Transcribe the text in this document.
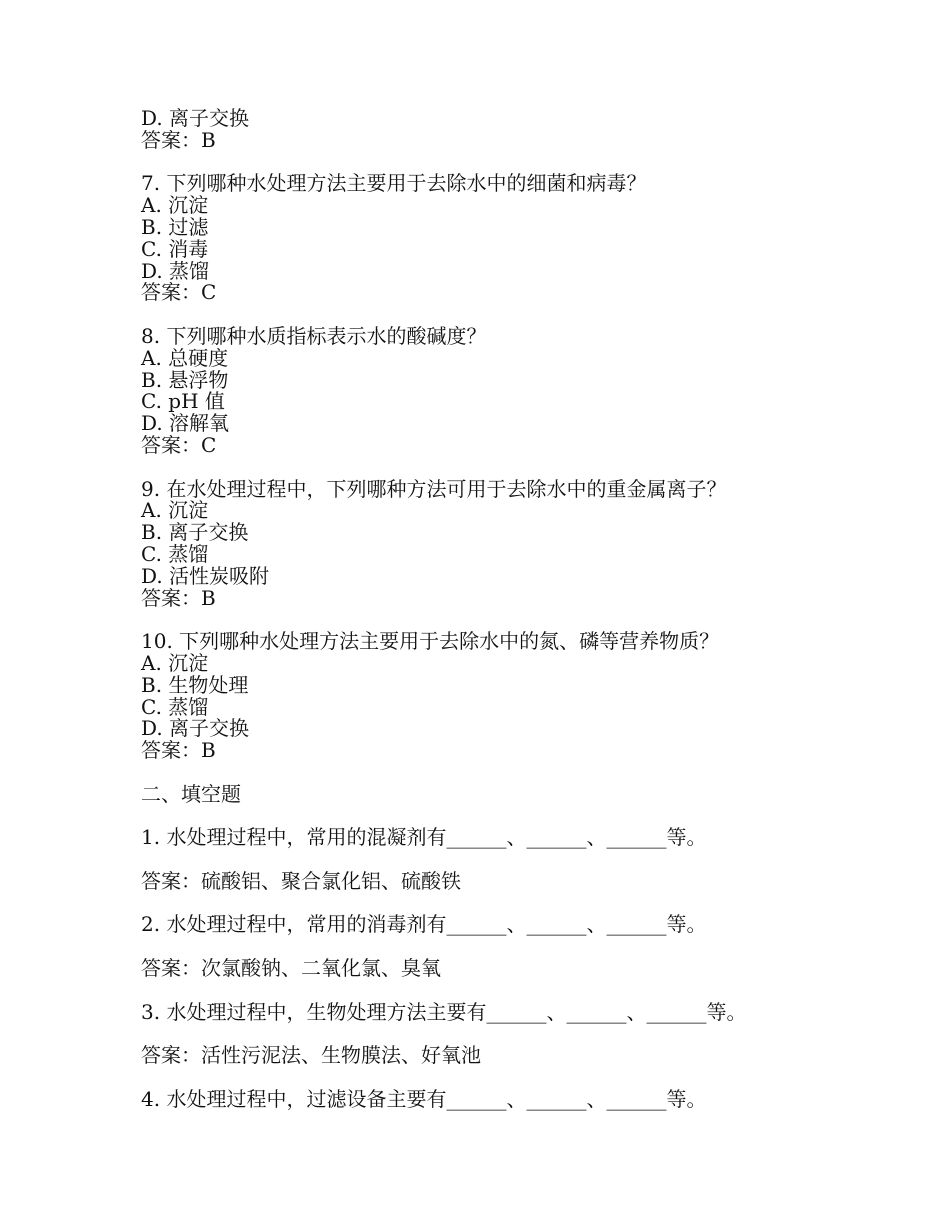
D. 离子交换
答案：B
7. 下列哪种水处理方法主要用于去除水中的细菌和病毒？
A. 沉淀
B. 过滤
C. 消毒
D. 蒸馏
答案：C
8. 下列哪种水质指标表示水的酸碱度？
A. 总硬度
B. 悬浮物
C. pH 值
D. 溶解氧
答案：C
9. 在水处理过程中，下列哪种方法可用于去除水中的重金属离子？
A. 沉淀
B. 离子交换
C. 蒸馏
D. 活性炭吸附
答案：B
10. 下列哪种水处理方法主要用于去除水中的氮、磷等营养物质？
A. 沉淀
B. 生物处理
C. 蒸馏
D. 离子交换
答案：B
二、填空题
1. 水处理过程中，常用的混凝剂有______、______、______等。
答案：硫酸铝、聚合氯化铝、硫酸铁
2. 水处理过程中，常用的消毒剂有______、______、______等。
答案：次氯酸钠、二氧化氯、臭氧
3. 水处理过程中，生物处理方法主要有______、______、______等。
答案：活性污泥法、生物膜法、好氧池
4. 水处理过程中，过滤设备主要有______、______、______等。
